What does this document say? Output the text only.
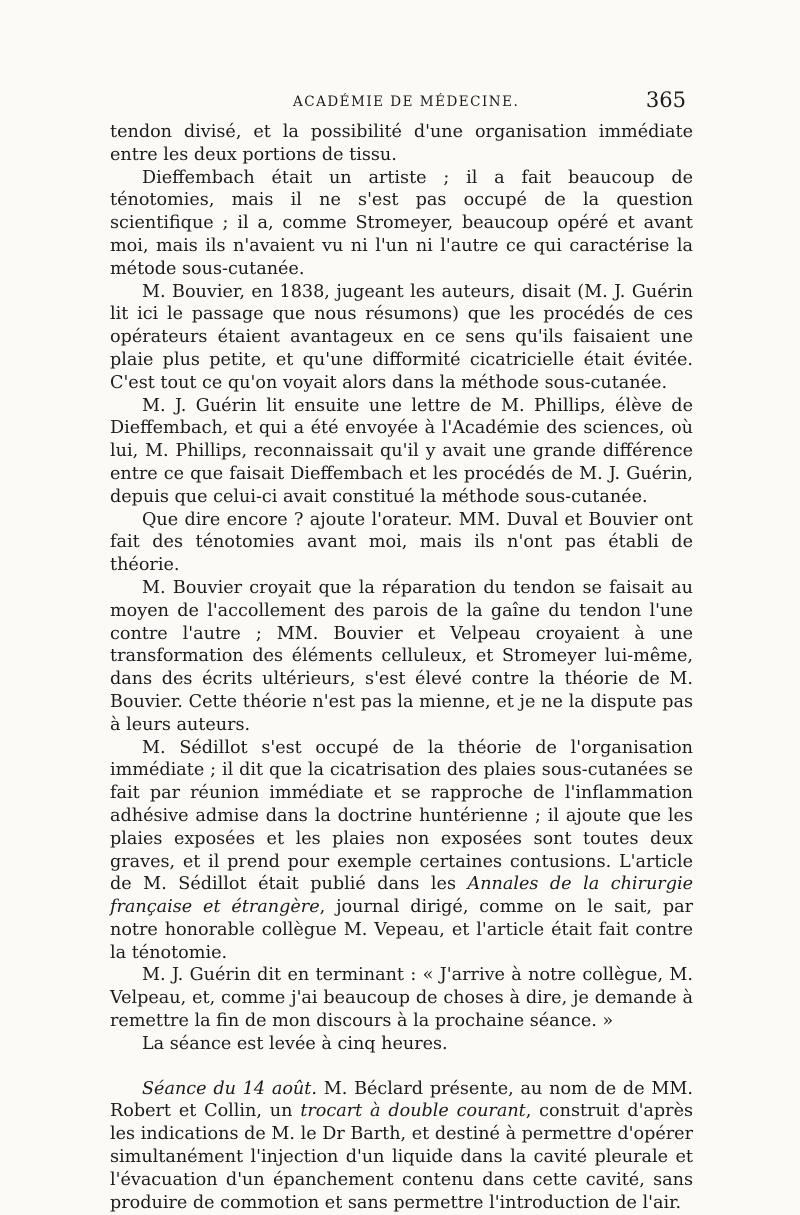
ACADÉMIE DE MÉDECINE.	365

tendon divisé, et la possibilité d'une organisation immédiate entre les deux portions de tissu.

Dieffembach était un artiste ; il a fait beaucoup de ténotomies, mais il ne s'est pas occupé de la question scientifique ; il a, comme Stromeyer, beaucoup opéré et avant moi, mais ils n'avaient vu ni l'un ni l'autre ce qui caractérise la métode sous-cutanée.

M. Bouvier, en 1838, jugeant les auteurs, disait (M. J. Guérin lit ici le passage que nous résumons) que les procédés de ces opérateurs étaient avantageux en ce sens qu'ils faisaient une plaie plus petite, et qu'une difformité cicatricielle était évitée. C'est tout ce qu'on voyait alors dans la méthode sous-cutanée.

M. J. Guérin lit ensuite une lettre de M. Phillips, élève de Dieffembach, et qui a été envoyée à l'Académie des sciences, où lui, M. Phillips, reconnaissait qu'il y avait une grande différence entre ce que faisait Dieffembach et les procédés de M. J. Guérin, depuis que celui-ci avait constitué la méthode sous-cutanée.

Que dire encore ? ajoute l'orateur. MM. Duval et Bouvier ont fait des ténotomies avant moi, mais ils n'ont pas établi de théorie.

M. Bouvier croyait que la réparation du tendon se faisait au moyen de l'accollement des parois de la gaîne du tendon l'une contre l'autre ; MM. Bouvier et Velpeau croyaient à une transformation des éléments celluleux, et Stromeyer lui-même, dans des écrits ultérieurs, s'est élevé contre la théorie de M. Bouvier. Cette théorie n'est pas la mienne, et je ne la dispute pas à leurs auteurs.

M. Sédillot s'est occupé de la théorie de l'organisation immédiate ; il dit que la cicatrisation des plaies sous-cutanées se fait par réunion immédiate et se rapproche de l'inflammation adhésive admise dans la doctrine huntérienne ; il ajoute que les plaies exposées et les plaies non exposées sont toutes deux graves, et il prend pour exemple certaines contusions. L'article de M. Sédillot était publié dans les Annales de la chirurgie française et étrangère, journal dirigé, comme on le sait, par notre honorable collègue M. Vepeau, et l'article était fait contre la ténotomie.

M. J. Guérin dit en terminant : « J'arrive à notre collègue, M. Velpeau, et, comme j'ai beaucoup de choses à dire, je demande à remettre la fin de mon discours à la prochaine séance. »

La séance est levée à cinq heures.

Séance du 14 août. M. Béclard présente, au nom de de MM. Robert et Collin, un trocart à double courant, construit d'après les indications de M. le Dr Barth, et destiné à permettre d'opérer simultanément l'injection d'un liquide dans la cavité pleurale et l'évacuation d'un épanchement contenu dans cette cavité, sans produire de commotion et sans permettre l'introduction de l'air.
